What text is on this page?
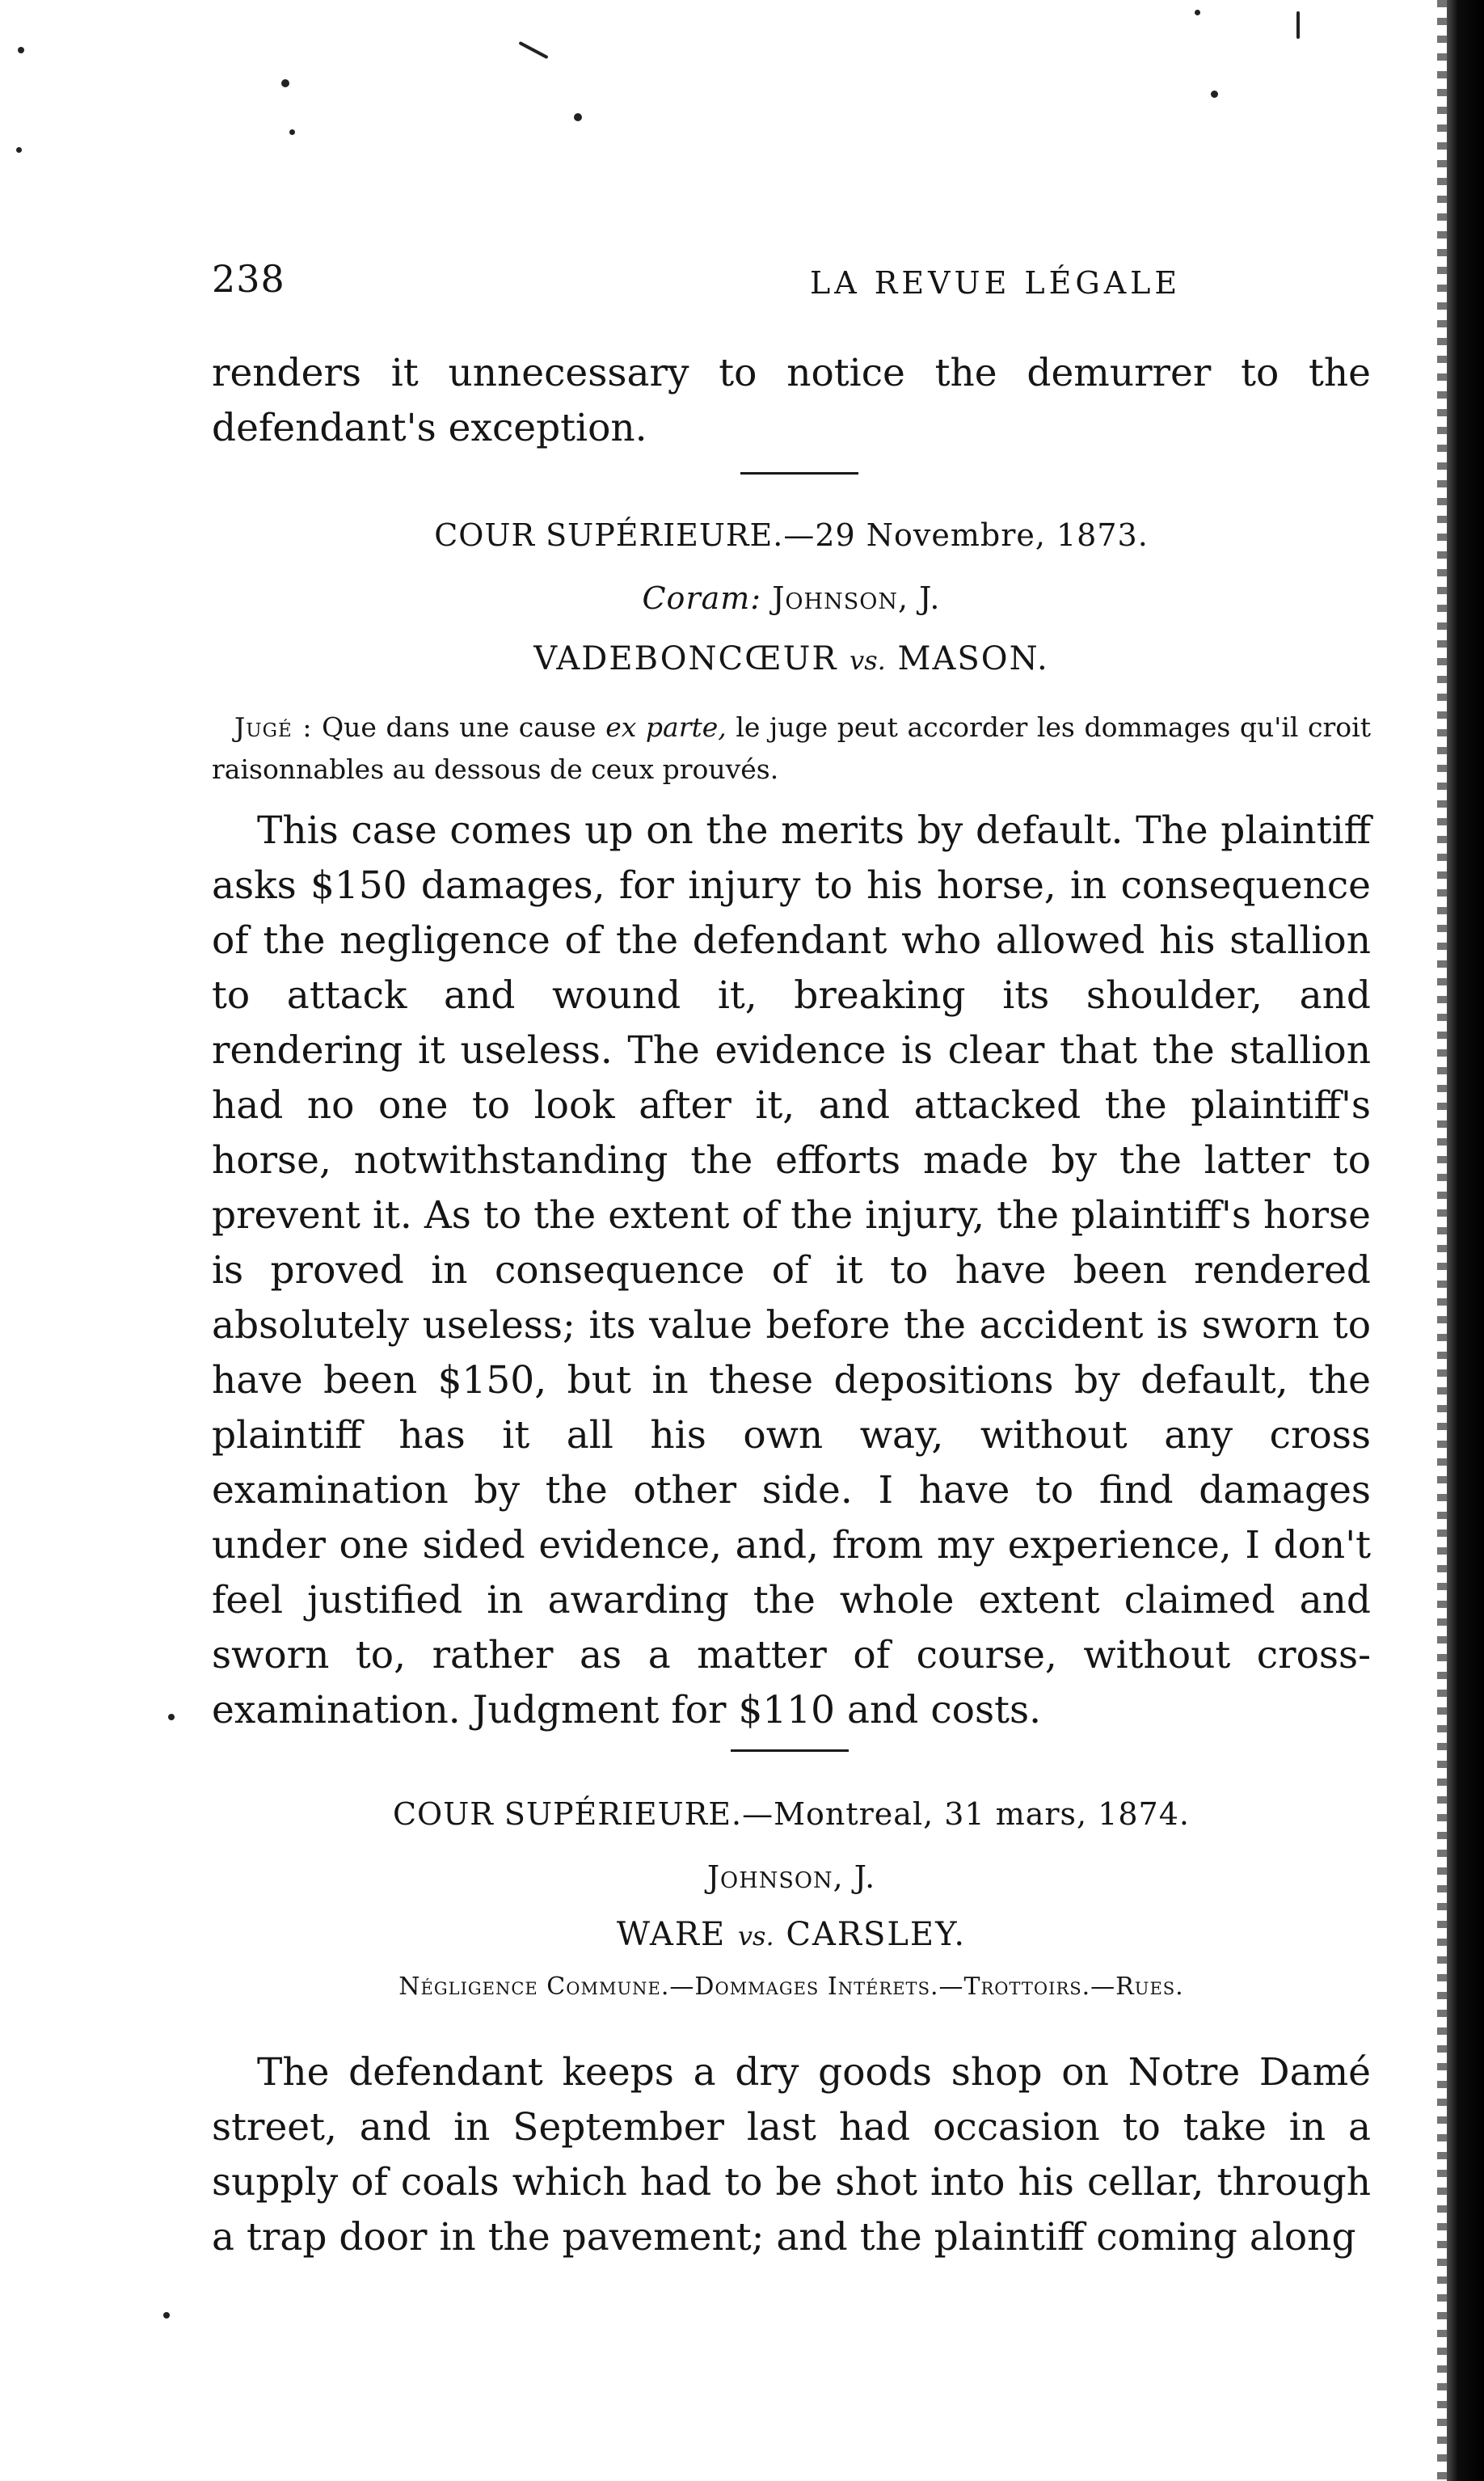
238	LA REVUE LÉGALE

renders it unnecessary to notice the demurrer to the defendant's exception.

COUR SUPÉRIEURE.—29 Novembre, 1873.

Coram: Johnson, J.

VADEBONCŒUR vs. MASON.

Jugé : Que dans une cause ex parte, le juge peut accorder les dommages qu'il croit raisonnables au dessous de ceux prouvés.

This case comes up on the merits by default. The plaintiff asks $150 damages, for injury to his horse, in consequence of the negligence of the defendant who allowed his stallion to attack and wound it, breaking its shoulder, and rendering it useless. The evidence is clear that the stallion had no one to look after it, and attacked the plaintiff's horse, notwithstanding the efforts made by the latter to prevent it. As to the extent of the injury, the plaintiff's horse is proved in consequence of it to have been rendered absolutely useless; its value before the accident is sworn to have been $150, but in these depositions by default, the plaintiff has it all his own way, without any cross examination by the other side. I have to find damages under one sided evidence, and, from my experience, I don't feel justified in awarding the whole extent claimed and sworn to, rather as a matter of course, without cross-examination. Judgment for $110 and costs.

COUR SUPÉRIEURE.—Montreal, 31 mars, 1874.

Johnson, J.

WARE vs. CARSLEY.

Négligence Commune.—Dommages Intérets.—Trottoirs.—Rues.

The defendant keeps a dry goods shop on Notre Damé street, and in September last had occasion to take in a supply of coals which had to be shot into his cellar, through a trap door in the pavement; and the plaintiff coming along
